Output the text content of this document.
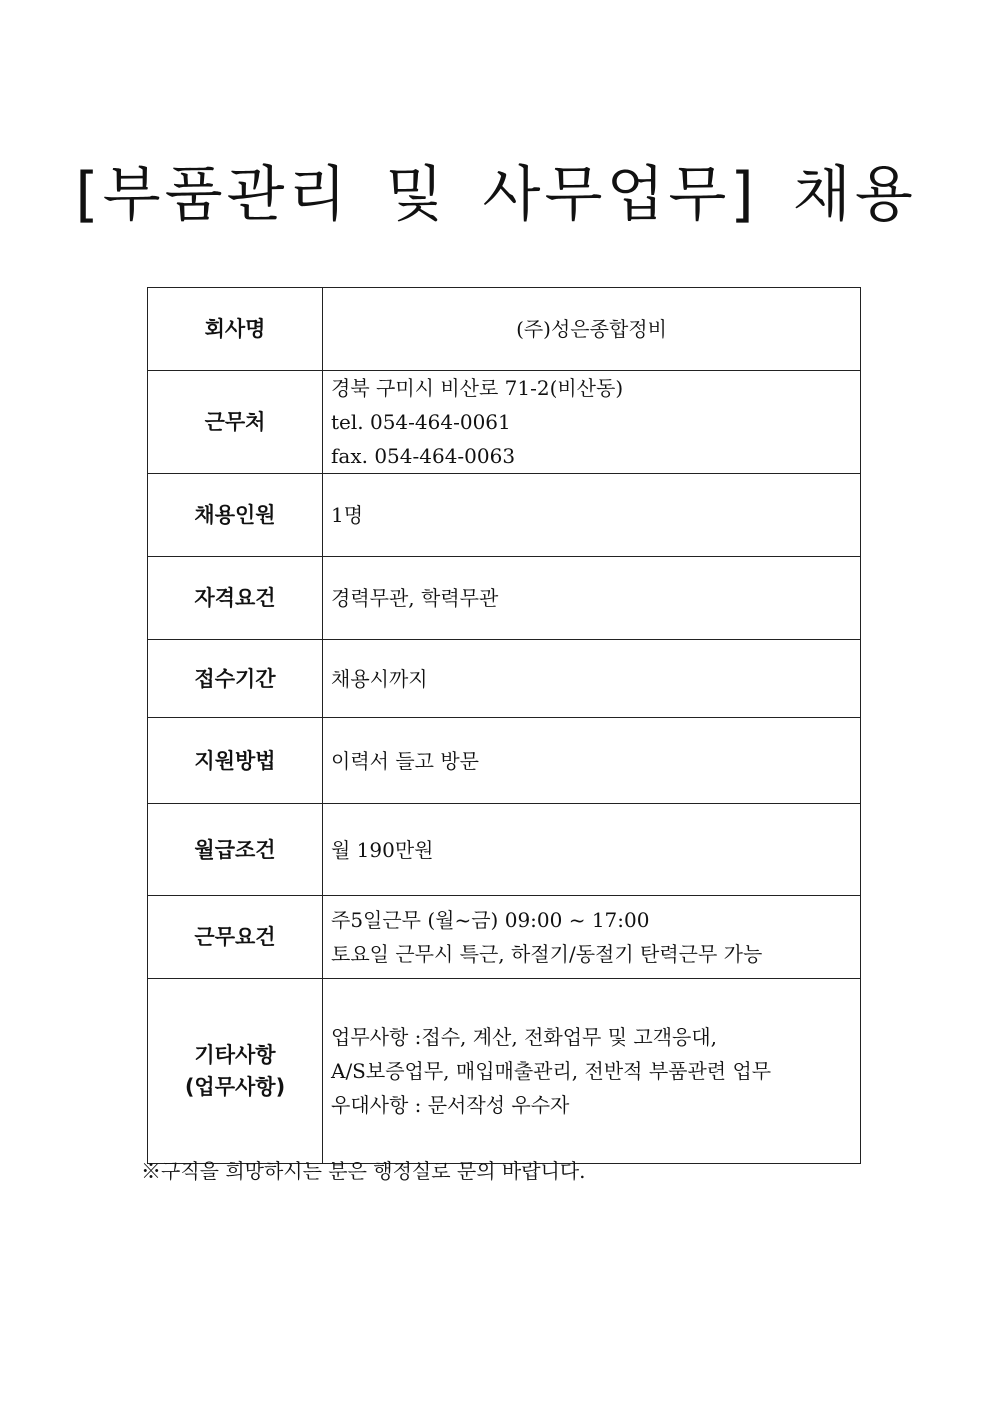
[부품관리 및 사무업무] 채용
회사명	(주)성은종합정비
근무처	경북 구미시 비산로 71-2(비산동)
tel. 054-464-0061
fax. 054-464-0063

채용인원	1명
자격요건	경력무관, 학력무관
접수기간	채용시까지
지원방법	이력서 들고 방문
월급조건	월 190만원
근무요건	주5일근무 (월~금) 09:00 ~ 17:00
토요일 근무시 특근, 하절기/동절기 탄력근무 가능

기타사항
(업무사항)	업무사항 :접수, 계산, 전화업무 및 고객응대,
A/S보증업무, 매입매출관리, 전반적 부품관련 업무
우대사항 : 문서작성 우수자
※구직을 희망하시는 분은 행정실로 문의 바랍니다.
